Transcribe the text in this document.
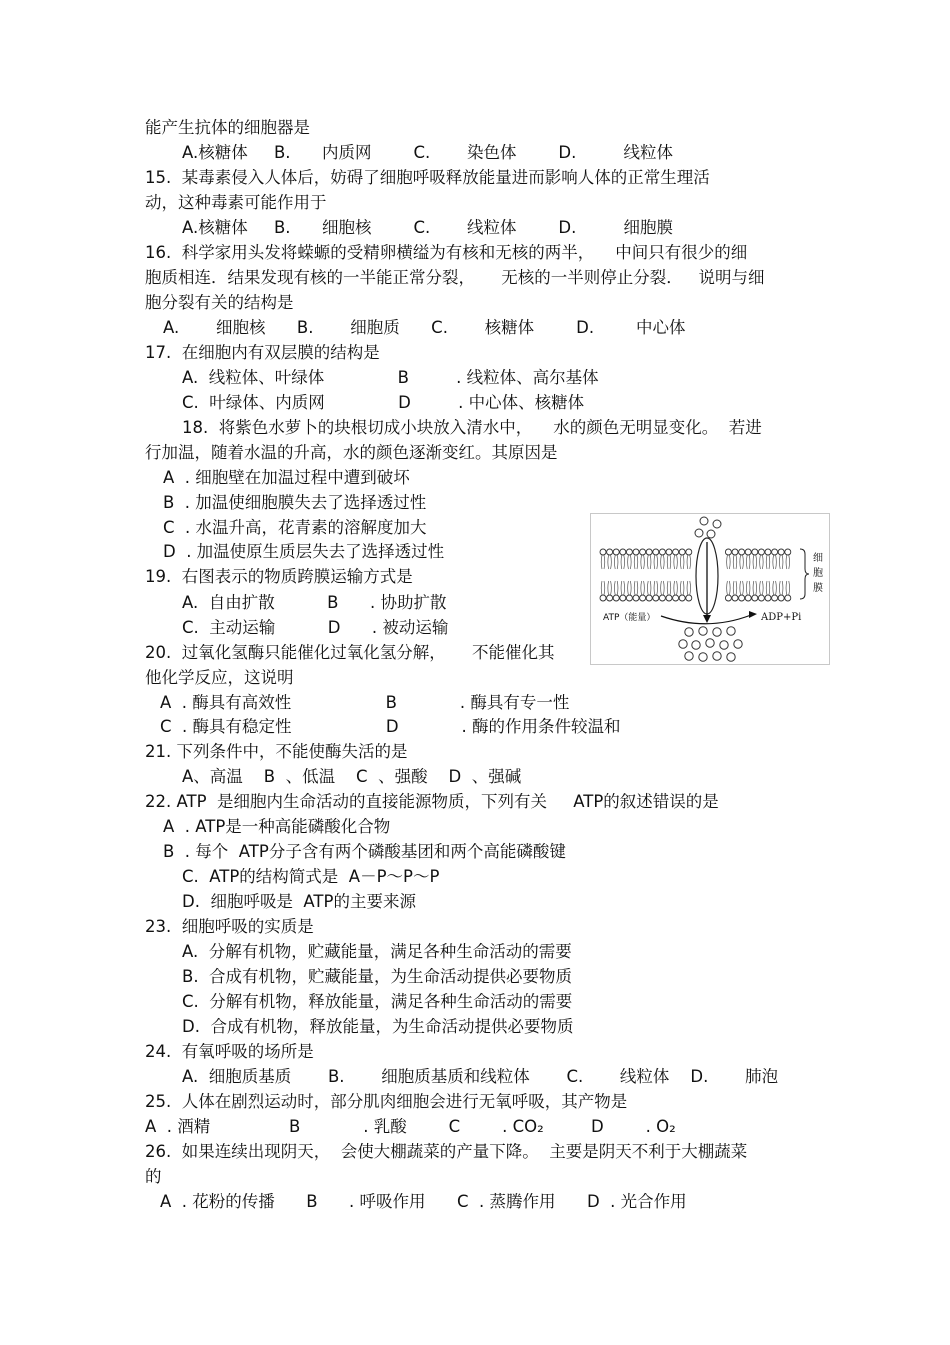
能产生抗体的细胞器是
A.核糖体     B.      内质网        C.       染色体        D.         线粒体
15.  某毒素侵入人体后，妨碍了细胞呼吸释放能量进而影响人体的正常生理活
动，这种毒素可能作用于
A.核糖体     B.      细胞核        C.       线粒体        D.         细胞膜
16.  科学家用头发将蝾螈的受精卵横缢为有核和无核的两半，    中间只有很少的细
胞质相连．结果发现有核的一半能正常分裂，     无核的一半则停止分裂．   说明与细
胞分裂有关的结构是
A.       细胞核      B.       细胞质      C.       核糖体        D.        中心体
17.  在细胞内有双层膜的结构是
A.  线粒体、叶绿体              B         . 线粒体、高尔基体
C.  叶绿体、内质网              D         . 中心体、核糖体
18.  将紫色水萝卜的块根切成小块放入清水中，    水的颜色无明显变化。  若进
行加温，随着水温的升高，水的颜色逐渐变红。其原因是
A  . 细胞壁在加温过程中遭到破坏
B  . 加温使细胞膜失去了选择透过性
C  . 水温升高，花青素的溶解度加大
D  . 加温使原生质层失去了选择透过性
19.  右图表示的物质跨膜运输方式是
A.  自由扩散          B      . 协助扩散
C.  主动运输          D      . 被动运输
20.  过氧化氢酶只能催化过氧化氢分解，     不能催化其
他化学反应，这说明
A  . 酶具有高效性                  B            . 酶具有专一性
C  . 酶具有稳定性                  D            . 酶的作用条件较温和
21. 下列条件中，不能使酶失活的是
A、高温    B  、低温    C  、强酸    D  、强碱
22. ATP  是细胞内生命活动的直接能源物质，下列有关     ATP的叙述错误的是
A  . ATP是一种高能磷酸化合物
B  . 每个  ATP分子含有两个磷酸基团和两个高能磷酸键
C.  ATP的结构简式是  A－P～P～P
D.  细胞呼吸是  ATP的主要来源
23.  细胞呼吸的实质是
A.  分解有机物，贮藏能量，满足各种生命活动的需要
B.  合成有机物，贮藏能量，为生命活动提供必要物质
C.  分解有机物，释放能量，满足各种生命活动的需要
D.  合成有机物，释放能量，为生命活动提供必要物质
24.  有氧呼吸的场所是
A.  细胞质基质       B.       细胞质基质和线粒体       C.       线粒体    D.       肺泡
25.  人体在剧烈运动时，部分肌肉细胞会进行无氧呼吸，其产物是
A  . 酒精               B            . 乳酸        C        . CO₂         D        . O₂
26.  如果连续出现阴天，  会使大棚蔬菜的产量下降。  主要是阴天不利于大棚蔬菜
的
A  . 花粉的传播      B      . 呼吸作用      C  . 蒸腾作用      D  . 光合作用
ATP（能量）	ADP+Pi
细
胞
膜
